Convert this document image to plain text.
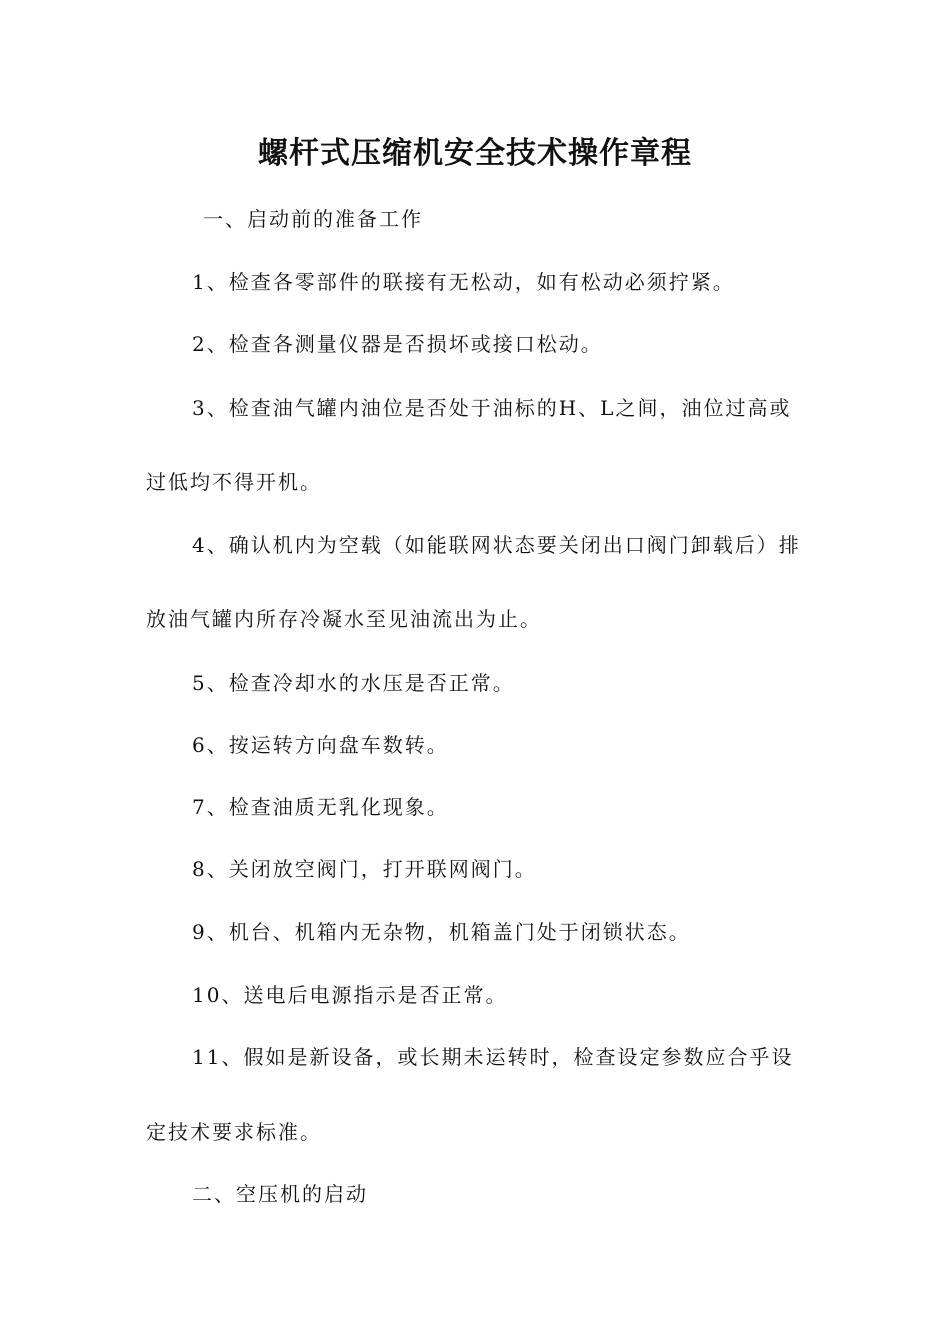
螺杆式压缩机安全技术操作章程
一、启动前的准备工作
1、检查各零部件的联接有无松动，如有松动必须拧紧。
2、检查各测量仪器是否损坏或接口松动。
3、检查油气罐内油位是否处于油标的H、L之间，油位过高或
过低均不得开机。
4、确认机内为空载（如能联网状态要关闭出口阀门卸载后）排
放油气罐内所存冷凝水至见油流出为止。
5、检查冷却水的水压是否正常。
6、按运转方向盘车数转。
7、检查油质无乳化现象。
8、关闭放空阀门，打开联网阀门。
9、机台、机箱内无杂物，机箱盖门处于闭锁状态。
10、送电后电源指示是否正常。
11、假如是新设备，或长期未运转时，检查设定参数应合乎设
定技术要求标准。
二、空压机的启动
